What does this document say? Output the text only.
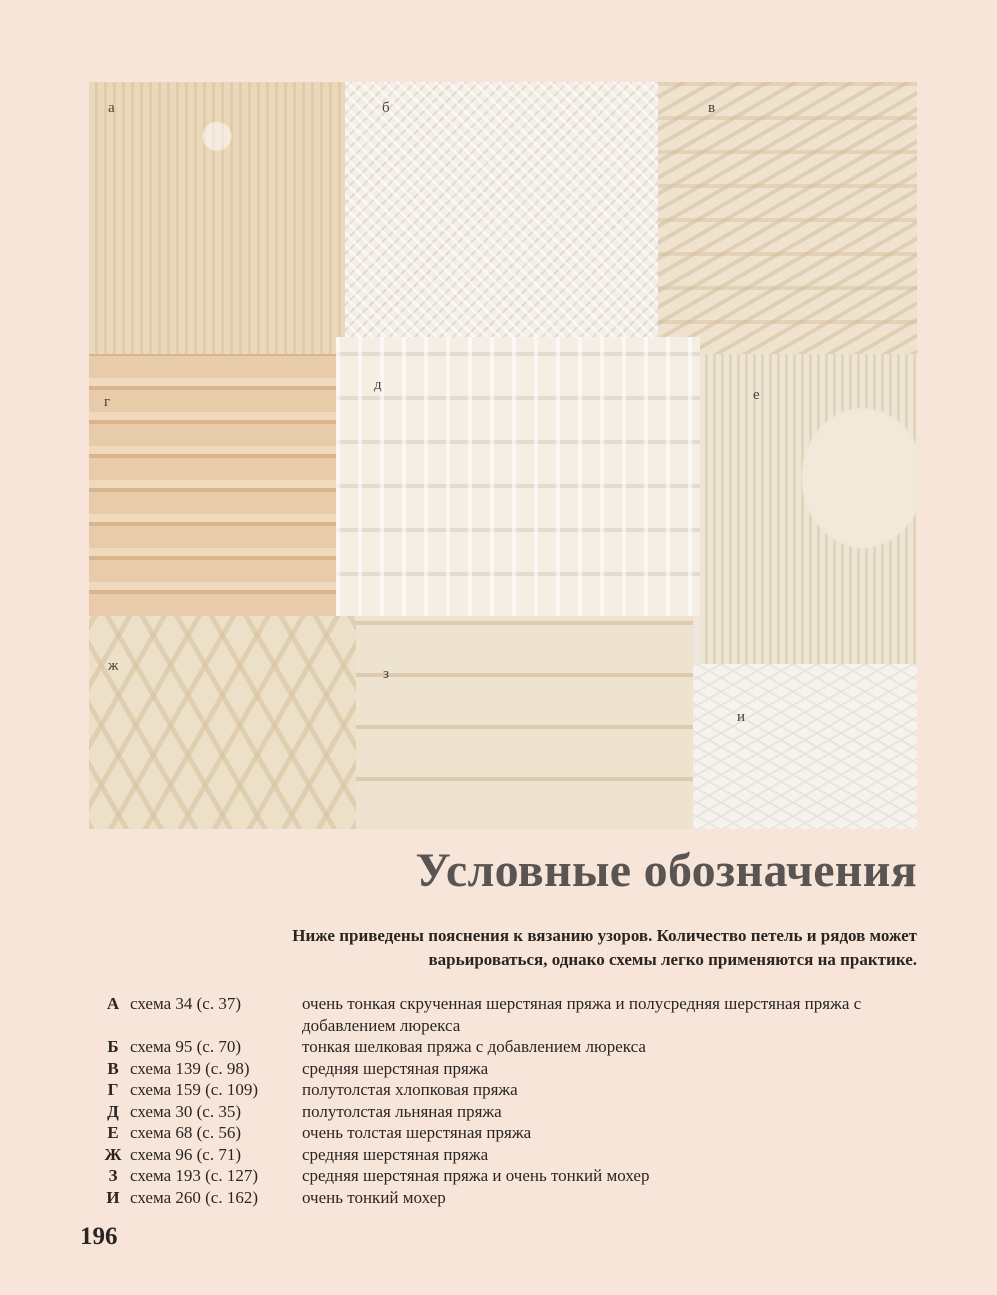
а	б	в
г
д
е
ж	з
и
Условные обозначения

Ниже приведены пояснения к вязанию узоров. Количество петель и рядов может варьироваться, однако схемы легко применяются на практике.

А схема 34 (с. 37)	очень тонкая скрученная шерстяная пряжа и полусредняя шерстяная пряжа с добавлением люрекса
Б схема 95 (с. 70)	тонкая шелковая пряжа с добавлением люрекса
В схема 139 (с. 98)	средняя шерстяная пряжа
Г схема 159 (с. 109)	полутолстая хлопковая пряжа
Д схема 30 (с. 35)	полутолстая льняная пряжа
Е схема 68 (с. 56)	очень толстая шерстяная пряжа
Ж схема 96 (с. 71)	средняя шерстяная пряжа
З схема 193 (с. 127)	средняя шерстяная пряжа и очень тонкий мохер
И схема 260 (с. 162)	очень тонкий мохер
196
